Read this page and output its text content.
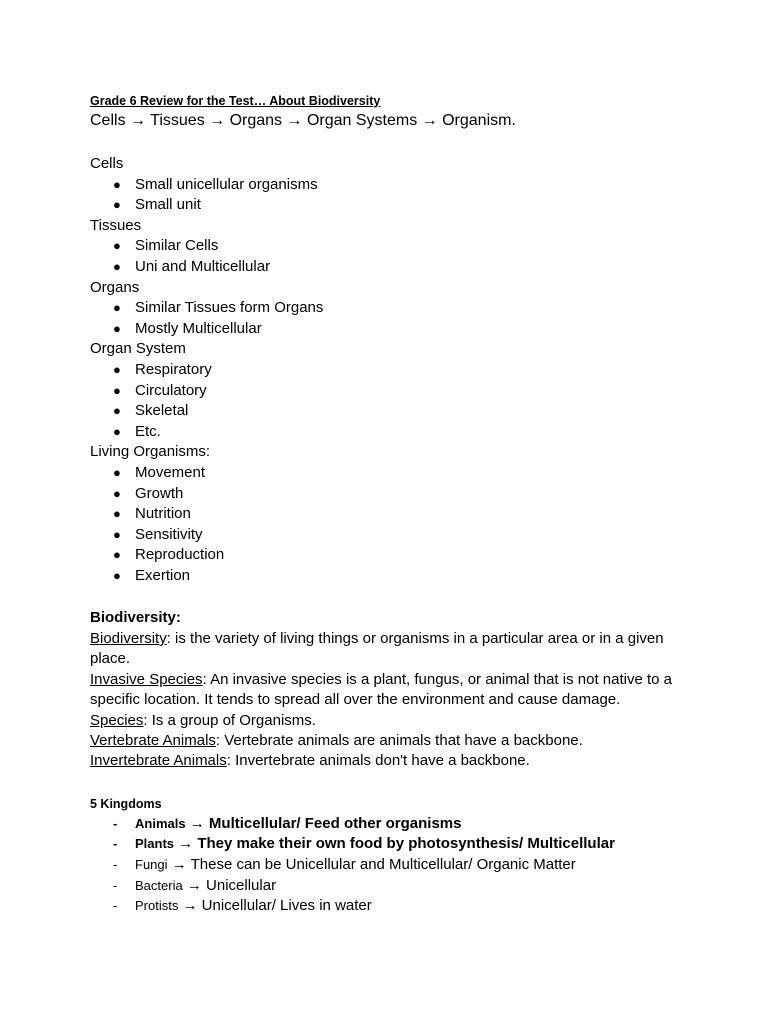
Grade 6 Review for the Test… About Biodiversity

Cells → Tissues → Organs → Organ Systems → Organism.

Cells

● Small unicellular organisms
● Small unit

Tissues

● Similar Cells
● Uni and Multicellular

Organs

● Similar Tissues form Organs
● Mostly Multicellular

Organ System

● Respiratory
● Circulatory
● Skeletal
● Etc.

Living Organisms:

● Movement
● Growth
● Nutrition
● Sensitivity
● Reproduction
● Exertion

Biodiversity:

Biodiversity: is the variety of living things or organisms in a particular area or in a given place.

Invasive Species: An invasive species is a plant, fungus, or animal that is not native to a specific location. It tends to spread all over the environment and cause damage.

Species: Is a group of Organisms.

Vertebrate Animals: Vertebrate animals are animals that have a backbone.

Invertebrate Animals: Invertebrate animals don't have a backbone.

5 Kingdoms

- Animals → Multicellular/ Feed other organisms
- Plants → They make their own food by photosynthesis/ Multicellular
- Fungi → These can be Unicellular and Multicellular/ Organic Matter
- Bacteria → Unicellular
- Protists → Unicellular/ Lives in water
